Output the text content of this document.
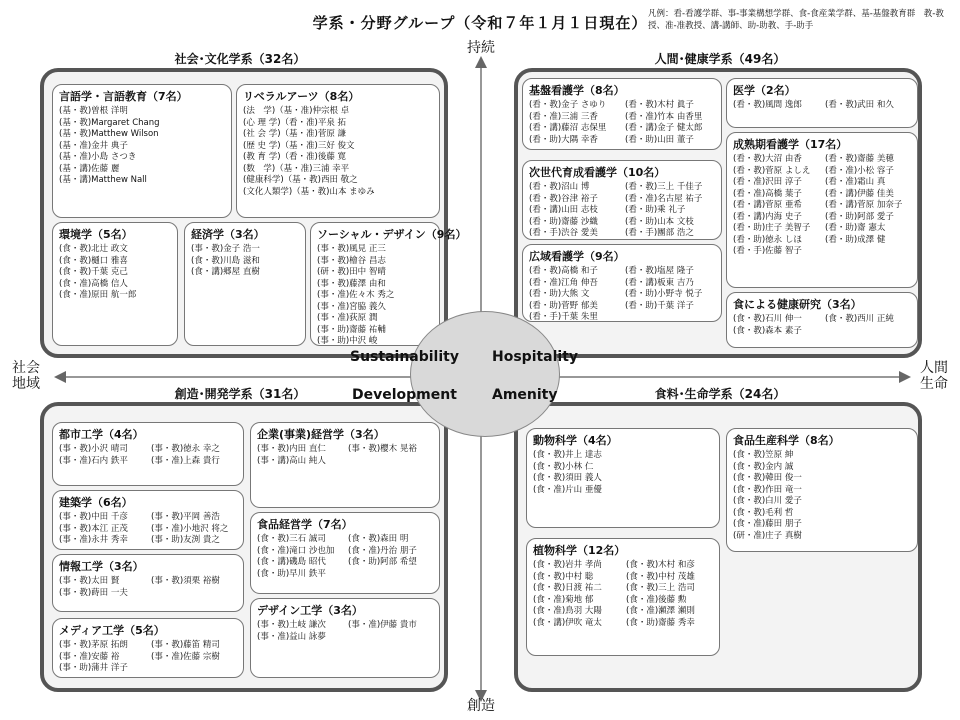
学系・分野グループ（令和７年１月１日現在） 凡例：看-看護学群、事-事業構想学群、食-食産業学群、基-基盤教育群　教-教授、准-准教授、講-講師、助-助教、手-助手
持続
創造
社会
地域
人間
生命
社会･文化学系（32名）	人間･健康学系（49名）
創造･開発学系（31名）	食料･生命学系（24名）
言語学・言語教育（7名）
(基・教)曽根 洋明
(基・教)Margaret Chang
(基・教)Matthew Wilson
(基・准)金井 典子
(基・准)小島 さつき
(基・講)佐藤 麗
(基・講)Matthew Nall
リベラルアーツ（8名）
(法　学)（基・准)仲宗根 卓
(心 理 学)（看・准)平泉 拓
(社 会 学)（基・准)菅原 謙
(歴 史 学)（基・准)三好 俊文
(教 育 学)（看・准)後藤 寛
(数　学)（基・准)三浦 幸平
(健康科学)（基・教)西田 敬之
(文化人類学)（基・教)山本 まゆみ
環境学（5名）
(食・教)北辻 政文
(食・教)樋口 雅喜
(食・教)千葉 克己
(食・准)高橋 信人
(食・准)原田 航一郎
経済学（3名）
(事・教)金子 浩一
(食・教)川島 滋和
(食・講)郷屋 直樹
ソーシャル・デザイン（9名）
(事・教)風見 正三
(事・教)檜谷 昌志
(研・教)田中 智晴
(事・教)藤澤 由和
(事・准)佐々木 秀之
(事・准)宮脇 義久
(事・准)荻原 潤
(事・助)齋藤 祐輔
(事・助)中沢 峻
基盤看護学（8名）
(看・教)金子 さゆり	(看・教)木村 眞子
(看・准)三浦 三香	(看・准)竹本 由香里
(看・講)藤沼 志保里	(看・講)金子 健太郎
(看・助)大隅 幸香	(看・助)山田 董子
医学（2名）
(看・教)風間 逸郎	(看・教)武田 和久
次世代育成看護学（10名）
(看・教)沼山 博	(看・教)三上 千佳子
(看・教)谷津 裕子	(看・准)名古屋 祐子
(看・講)山田 志枝	(看・助)乘 礼子
(看・助)齋藤 沙織	(看・助)山本 文枝
(看・手)渋谷 愛美	(看・手)團部 浩之
成熟期看護学（17名）
(看・教)大沼 由香	(看・教)齋藤 美穂
(看・教)菅原 よしえ	(看・准)小松 容子
(看・准)沢田 淳子	(看・准)霜山 真
(看・准)高橋 葉子	(看・講)伊藤 佳美
(看・講)菅原 亜希	(看・講)菅原 加奈子
(看・講)内海 史子	(看・助)阿部 愛子
(看・助)庄子 美智子	(看・助)齋 憲太
(看・助)徳永 しほ	(看・助)成澤 健
(看・手)佐藤 智子
広域看護学（9名）
(看・教)高橋 和子	(看・教)塩屋 隆子
(看・准)江角 伸吾	(看・講)板東 吉乃
(看・助)大熊 文	(看・助)小野寺 悦子
(看・助)菅野 郁美	(看・助)千葉 洋子
(看・手)千葉 朱里
食による健康研究（3名）
(食・教)石川 伸一	(食・教)西川 正純
(食・教)森本 素子
都市工学（4名）
(事・教)小沢 晴司	(事・教)徳永 幸之
(事・准)石内 鉄平	(事・准)上森 貴行
企業(事業)経営学（3名）
(事・教)内田 直仁	(事・教)櫻木 晃裕
(事・講)高山 純人
建築学（6名）
(事・教)中田 千彦	(事・教)平岡 善浩
(事・教)本江 正茂	(事・准)小地沢 将之
(事・准)永井 秀幸	(事・助)友渕 貴之
食品経営学（7名）
(食・教)三石 誠司	(食・教)森田 明
(食・准)滝口 沙也加	(食・准)丹治 朋子
(食・講)磯島 昭代	(食・助)阿部 希望
(食・助)早川 鉄平
情報工学（3名）
(事・教)太田 賢	(事・教)須栗 裕樹
(事・教)蒔田 一夫
デザイン工学（3名）
(事・教)土岐 謙次	(事・准)伊藤 貴市
(事・准)益山 詠夢
メディア工学（5名）
(事・教)茅原 拓朗	(事・教)藤笛 精司
(事・准)安藤 裕	(事・准)佐藤 宗樹
(事・助)蒲井 洋子
動物科学（4名）
(食・教)井上 達志
(食・教)小林 仁
(食・教)須田 義人
(食・准)片山 亜優
食品生産科学（8名）
(食・教)笠原 紳
(食・教)金内 誠
(食・教)韓田 俊一
(食・教)作田 竜一
(食・教)白川 愛子
(食・教)毛利 哲
(食・准)藤田 朋子
(研・准)庄子 真樹
植物科学（12名）
(食・教)岩井 孝尚	(食・教)木村 和彦
(食・教)中村 聡	(食・教)中村 茂雄
(食・教)日渡 祐二	(食・教)三上 浩司
(食・准)菊地 郁	(食・准)後藤 勲
(食・准)鳥羽 大陽	(食・准)瀬澤 瀬則
(食・講)伊吹 竜太	(食・助)齋藤 秀幸
Sustainability Hospitality
Development	Amenity
